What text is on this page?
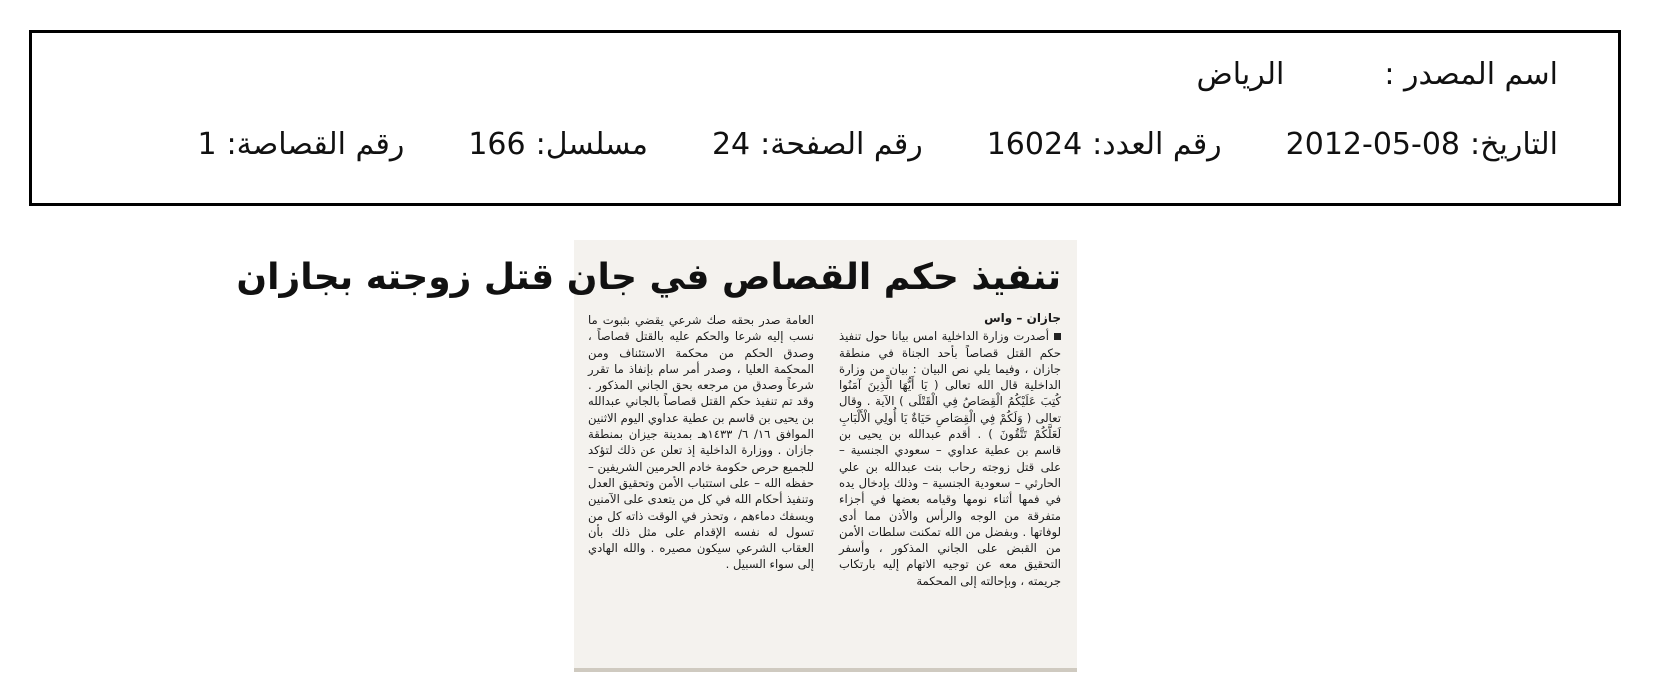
اسم المصدر :
الرياض
التاريخ:
2012-05-08
رقم العدد:
16024
رقم الصفحة:
24
مسلسل:
166
رقم القصاصة:
1
تنفيذ حكم القصاص في جان قتل زوجته بجازان
جازان – واس
أصدرت وزارة الداخلية امس بيانا حول تنفيذ حكم القتل قصاصاً بأحد الجناة في منطقة جازان ، وفيما يلي نص البيان : بيان من وزارة الداخلية قال الله تعالى ( يَا أَيُّهَا الَّذِينَ آمَنُوا كُتِبَ عَلَيْكُمُ الْقِصَاصُ فِي الْقَتْلَى ) الآية . وقال تعالى ( وَلَكُمْ فِي الْقِصَاصِ حَيَاةٌ يَا أُولِي الْأَلْبَابِ لَعَلَّكُمْ تَتَّقُونَ ) . أقدم عبدالله بن يحيى بن قاسم بن عطية عداوي – سعودي الجنسية – على قتل زوجته رحاب بنت عبدالله بن علي الحارثي – سعودية الجنسية – وذلك بإدخال يده في فمها أثناء نومها وقيامه بعضها في أجزاء متفرقة من الوجه والرأس والأذن مما أدى لوفاتها . وبفضل من الله تمكنت سلطات الأمن من القبض على الجاني المذكور ، وأسفر التحقيق معه عن توجيه الاتهام إليه بارتكاب جريمته ، وبإحالته إلى المحكمة
العامة صدر بحقه صك شرعي يقضي بثبوت ما نسب إليه شرعا والحكم عليه بالقتل قصاصاً ، وصدق الحكم من محكمة الاستئناف ومن المحكمة العليا ، وصدر أمر سام بإنفاذ ما تقرر شرعاً وصدق من مرجعه بحق الجاني المذكور . وقد تم تنفيذ حكم القتل قصاصاً بالجاني عبدالله بن يحيى بن قاسم بن عطية عداوي اليوم الاثنين الموافق ١٦/ ٦/ ١٤٣٣هـ بمدينة جيزان بمنطقة جازان . ووزارة الداخلية إذ تعلن عن ذلك لتؤكد للجميع حرص حكومة خادم الحرمين الشريفين – حفظه الله – على استتباب الأمن وتحقيق العدل وتنفيذ أحكام الله في كل من يتعدى على الآمنين ويسفك دماءهم ، وتحذر في الوقت ذاته كل من تسول له نفسه الإقدام على مثل ذلك بأن العقاب الشرعي سيكون مصيره . والله الهادي إلى سواء السبيل .
